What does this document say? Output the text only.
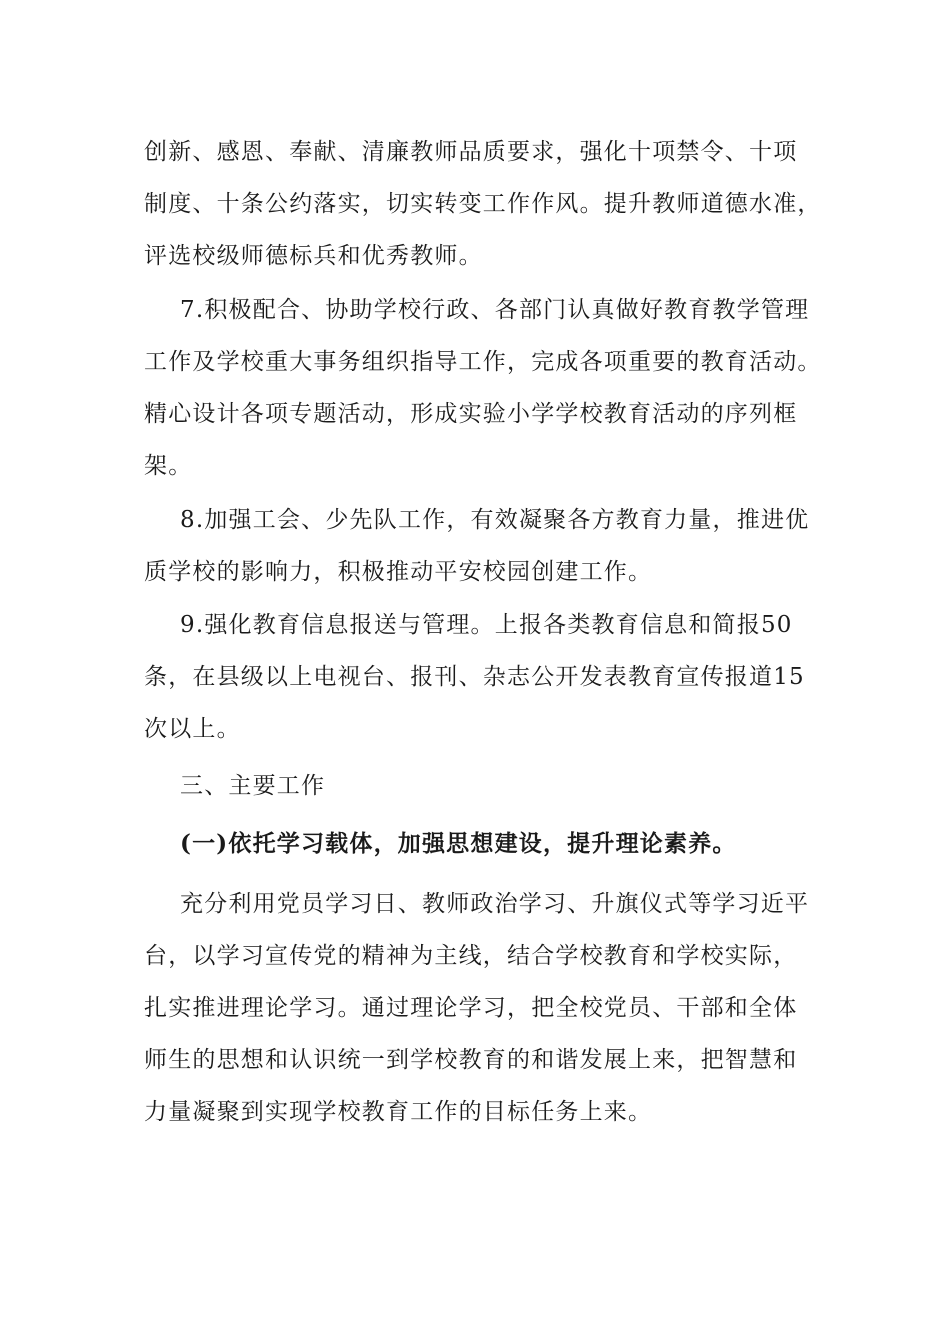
创新、感恩、奉献、清廉教师品质要求，强化十项禁令、十项
制度、十条公约落实，切实转变工作作风。提升教师道德水准，
评选校级师德标兵和优秀教师。

7.积极配合、协助学校行政、各部门认真做好教育教学管理
工作及学校重大事务组织指导工作，完成各项重要的教育活动。
精心设计各项专题活动，形成实验小学学校教育活动的序列框
架。

8.加强工会、少先队工作，有效凝聚各方教育力量，推进优
质学校的影响力，积极推动平安校园创建工作。

9.强化教育信息报送与管理。上报各类教育信息和简报50
条，在县级以上电视台、报刊、杂志公开发表教育宣传报道15
次以上。

三、主要工作

(一)依托学习载体，加强思想建设，提升理论素养。

充分利用党员学习日、教师政治学习、升旗仪式等学习近平
台，以学习宣传党的精神为主线，结合学校教育和学校实际，
扎实推进理论学习。通过理论学习，把全校党员、干部和全体
师生的思想和认识统一到学校教育的和谐发展上来，把智慧和
力量凝聚到实现学校教育工作的目标任务上来。
